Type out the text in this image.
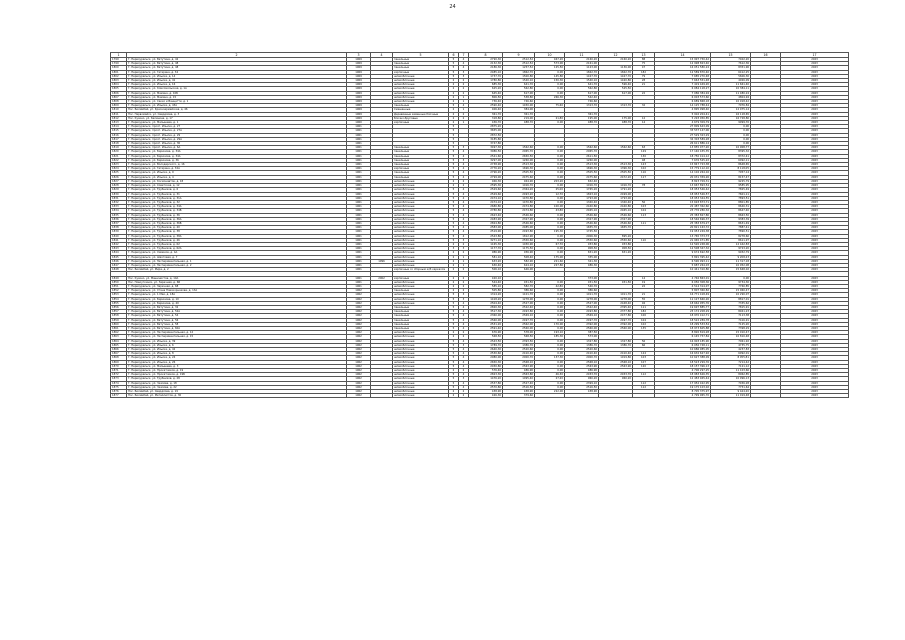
24
1	2	3	4	5	6	7	8	9	10	11	12	13	14	15	16	17
1799	Г. Первоуральск, ул. Ватутина, д. 42	1969		панельные	5	4	2790,30	2512,52	467,20	2160,20	2160,20	88	15 997 750,42	7402,20		2023
1799	Г. Первоуральск, ул. Ватутина, д. 48	1969		панельные	5	4	2132,30	2512,52	573,00	2161,00		75	12 998 823,40	7612,36		2023
1800	Г. Первоуральск, ул. Ватутина, д. 48	1969		панельные	5	4	2186,30	1257,52	125,50	1123,00	1136,00	47	16 051 580,24	8351,96		2023
1801	Г. Первоуральск, ул. Гагарина, д. 34	1969		кирпичные	5	3	2485,10	1862,70	0,00	1842,70	1842,70	182	12 589 870,40	6412,25		2023
1802	Г. Первоуральск, ул. Ильича, д. 14	1969		шлакоблочные	5	3	1737,70	1500,80	145,80	1427,70	1427,70	79	7 685 270,48	5606,30		2023
1803	Г. Первоуральск, ул. Ильича, д. 41	1969		шлакоблочные	2	2	1780,80	1540,10	150,30	1540,10	1420,80	28	7 663 551,48	4926,09		2023
1804	Г. Первоуральск, ул. Ильича, д. 16	1969		шлакоблочные	2	2	685,30	641,70	0,00	641,70	596,40	21	7 419 449,20	11 661,40		2023
1805	Г. Первоуральск, ул. Комсомольская, д. 1А	1969		шлакоблочные	2	2	625,20	562,80	0,00	562,80	525,50		6 084 118,27	10 384,11		2023
1806	Г. Первоуральск, ул. Мамина, д. 10Б	1969		шлакоблочные	2	2	645,40	617,00	0,00	617,00	617,00	22	7 086 384,94	11 480,24		2023
1807	Г. Первоуральск, ул. Мамина, д. 15	1969		шлакоблочные	2	1	806,50	538,80	266,30	542,40			6 003 573,60	4804,94		2023
1808	Г. Первоуральск, ул. Сакко и Ванцетти, д. 1	1969		шлакоблочные	2	1	736,40	746,60		746,60			6 689 868,18	10 918,42		2023
1809	Г. Первоуральск, ул. Ильича, д. 43А	1969		панельные	5	4	2590,40	1450,00	75,60	1313,70	1313,70	32	14 125 788,44	7976,84		2023
1810	Пос. Билимбай, ул. Красноармейская, д. 46	1969		Смешанные	2	1	406,40	384,00					4 895 998,40	12 075,14		2023
1811	Пос. Первомайск, ул. Свердлова, д. 3	1969		Деревянные каменные блочные	2	2	361,70	361,70		361,70			5 916 204,41	16 118,65		2023
1812	Пос. Кузино, ул. Калинина, д. 17	1969		Блочно-брусовые	2	2	318,80	219,00	21,80	195,00	175,00	12	5 293 050,85	16 728,80		2023
1813	Г. Первоуральск, ул. Малышева, д. 1	1960		кирпичные	2	1	436,70	488,70	0,00	488,70	488,70	14	4 679 309,79	9999,70		2023
1814	Г. Первоуральск, просп. Ильича, д. 27	1961			5		2875,20						27 809 643,09	0,00		2023
1815	Г. Первоуральск, просп. Ильича, д. 27А	1961			5		3655,00						33 537 147,06	0,00		2023
1816	Г. Первоуральск, просп. Ильича, д. 29	1961			5		2872,50						27 529 323,29	0,00		2023
1817	Г. Первоуральск, просп. Ильича, д. 29А	1961			5		3185,80						34 303 589,28	0,00		2023
1818	Г. Первоуральск, просп. Ильича, д. 30	1961			5		3747,80						26 611 886,14	0,00		2023
1819	Г. Первоуральск, просп. Ильича, д. 6А	1961		панельные	5	3	3497,30	1562,60	0,00	1562,60	1562,60	63	13 855 077,20	10 908,77		2023
1820	Г. Первоуральск, ул. Бирюзова, д. 34А	1961		панельные	5	4	3086,50	2065,70	0,00	2065,70		129	17 140 435,35	8395,32		2023
1821	Г. Первоуральск, ул. Бирюзова, д. 34А	1961		панельные	5	4	2541,60	2650,50	0,00	2611,50		130	18 750 414,12	8372,41		2023
1822	Г. Первоуральск, ул. Бирюзова, д. 36	1961		панельные	5	3	3297,00	1260,00	0,00	1260,00		48	7 676 525,22	6092,11		2023
1823	Г. Первоуральск, ул. Володарского, д. 16	1961		панельные	5	4	2738,90	2513,30	0,00	2513,30	2513,30	123	15 847 723,38	8648,65		2023
1824	Г. Первоуральск, ул. Гагарина, д. 32А	1961		кирпичные	5	4	2776,20	1696,30	0,00	1696,30	1396,30	102	15 779 112,10	8 118,05		2023
1825	Г. Первоуральск, ул. Ильича, д. 9	1961		панельные	5	4	2796,20	2505,50	0,00	2505,50	2505,50	116	14 102 264,16	7957,14		2023
1826	Г. Первоуральск, ул. Ильича, д. 4	1961		панельные	5	4	2799,00	2475,60	0,00	2475,60	2472,20	117	20 031 359,26	8157,47		2023
1827	Г. Первоуральск, ул. Космонавтов, д. 18	1961		шлакоблочные	2	2	946,30	944,90	203,20	652,40			8 823 709,31	9225,79		2023
1828	Г. Первоуральск, ул. Советская, д. 12	1961		шлакоблочные	2	2	2595,30	1016,70	0,00	1016,70	1016,70	78	13 667 893,54	9585,95		2023
1829	Г. Первоуральск, ул. Трубников, д. 6	1961		шлакоблочные	5	4	2529,60	2364,20	25,00	1765,20	1791,20		18 953 546,42	7825,49		2023
1830	Г. Первоуральск, ул. Трубников, д. 31	1961		шлакоблочные	5	4	2529,60	2493,20	12,70	1823,10	2499,00		18 953 526,57	7601,11		2023
1831	Г. Первоуральск, ул. Трубников, д. 31А	1961		шлакоблочные	5	4	2474,10	1470,80	0,00	1793,00	1793,00		18 953 344,55	7893,51		2023
1832	Г. Первоуральск, ул. Трубников, д. 32	1961		шлакоблочные	5	4	2474,10	1470,80	0,00	1340,40	1340,40	56	15 693 873,71	8801,85		2023
1833	Г. Первоуральск, ул. Трубников, д. 34А	1961		шлакоблочные	5	4	2680,80	2474,80	100,00	2440,80	2440,80	103	22 487 362,60	8640,31		2023
1834	Г. Первоуральск, ул. Трубников, д. 34Б	1961		шлакоблочные	5	4	2780,80	2474,80	43,80	2465,10	2465,10	104	23 776 280,32	8647,40		2023
1835	Г. Первоуральск, ул. Трубников, д. 36	1961		шлакоблочные	5	4	2623,40	2546,60	0,00	2546,60	2546,60	113	25 383 827,80	8663,50		2023
1836	Г. Первоуральск, ул. Трубников, д. 36А	1961		шлакоблочные	5	4	2483,90	2327,90	0,00	2327,90	2327,90		18 546 696,37	9383,39		2023
1837	Г. Первоуральск, ул. Трубников, д. 36Б	1961		шлакоблочные	5	4	2824,80	2546,60	0,00	2546,60	2546,60	111	25 383 679,27	8631,49		2023
1838	Г. Первоуральск, ул. Трубников, д. 40	1961		шлакоблочные	5	4	2583,00	2485,00	0,00	1655,70	1655,70		20 821 163,72	7887,41		2023
1839	Г. Первоуральск, ул. Трубников, д. 38	1961		шлакоблочные	5	4	2519,90	2493,80	195,30	1745,50			19 953 249,38	7890,51		2023
1840	Г. Первоуральск, ул. Трубников, д. 38А	1961		шлакоблочные	5	4	2543,80	1812,90	0,00	2006,30	895,26		13 765 373,73	8278,60		2023
1841	Г. Первоуральск, ул. Трубников, д. 46	1961		шлакоблочные	5	3	3271,10	2550,60	0,00	2550,60	2550,60	110	21 965 471,85	8611,97		2023
1842	Г. Первоуральск, ул. Трубников, д. 62	1961		шлакоблочные	2	2	1165,30	1030,90	67,70	933,80	933,80		12 520 248,06	12 442,83		2023
1843	Г. Первоуральск, ул. Трубников, д. 62А	1961		шлакоблочные	3	3	1177,70	1175,50	0,00	908,50	908,50		12 508 347,32	9723,20		2023
1844	Г. Первоуральск, ул. Химиков, д. 4А	1961		шлакоблочные	2	2	986,90	936,90	0,00	651,20	651,20		9 674 692,58	9932,79		2023
1845	Г. Первоуральск, ул. Шахтовая, д. 7	1961		шлакоблочные	2	1	581,10	508,40	175,00	335,00			5 891 395,42	9 208,23		2023
1846	Г. Первоуральск, ул. Экспериментальная, д. 1	1961	1996	шлакоблочные	2	1	633,20	582,90	221,60	341,30			6 590 993,11	11 317,18		2023
1847	Г. Первоуральск, ул. Экспериментальная, д. 2	1961		шлакоблочные	2	1	630,40	624,10	227,80	486,30			5 687 264,03	10 952,08		2023
1848	Пос. Билимбай, ул. Мира, д. 2	1961		кирпичные со сборным ж/б каркасом	2	2	506,10	646,00					10 441 310,80	15 668,02		2023

1849	Пос. Кузино, ул. Машинистов, д. 10А	1961	2002	кирпичные	2	2	420,10			373,00		14	4 746 863,01	0,00		2023
1850	Пос. Новоуткинск, ул. Заречная, д. 6Б	1961		шлакоблочные	2	2	544,40	451,50	0,00	451,50	451,50	19	6 050 308,36	9734,30		2023
1851	Г. Первоуральск, ул. Заречная, д. 68	1961		шлакоблочные	2	2	585,10	582,70	42,80	540,70		22	4 514 314,07	7760,85		2023
1852	Г. Первоуральск, ул. Стана Новокорнакова, д. 13А	1962		панельные	2	2	505,80	386,60	0,00	386,60			5 807 360,82	15 060,47		2023
1853	Г. Первоуральск, ул. 1 Мая, д. 18А	1962		шлакоблочные	5	3	1314,20	1101,70	0,00	1011,70	1011,70	21	16 771 418,49	10 290,07		2023
1854	Г. Первоуральск, ул. Бирюзова, д. 10	1962		шлакоблочные	5	3	1418,20	1278,00	0,00	1278,00	1278,00	55	11 127 660,26	8817,01		2023
1855	Г. Первоуральск, ул. Бирюзова, д. 40	1962		шлакоблочные	5	4	2504,40	2527,00	0,00	2527,00	2448,40	94	18 662 955,76	7335,62		2023
1856	Г. Первоуральск, ул. Ватутина, д. 32	1962		панельные	5	4	2820,30	2522,40	0,00	2522,40	2395,40	111	19 697 885,77	7815,91		2023
1857	Г. Первоуральск, ул. Ватутина, д. 52А	1962		панельные	5	4	3517,30	2493,80	0,00	2493,80	2377,80	182	23 172 208,29	8941,23		2023
1858	Г. Первоуральск, ул. Ватутина, д. 54	1962		панельные	5	4	2360,00	2569,10	0,00	2569,10	2477,80	100	18 970 412,71	7113,38		2023
1859	Г. Первоуральск, ул. Ватутина, д. 56	1962		панельные	5	4	2560,00	2497,70	0,00	2497,70	2497,70	104	18 522 289,78	7416,91		2023
1860	Г. Первоуральск, ул. Ватутина, д. 58	1962		панельные	5	4	2531,20	2562,00	170,00	2392,00	2392,00	102	18 299 533,54	7125,20		2023
1861	Г. Первоуральск, ул. Ватутина, д. 60А	1962		панельные	5	4	2591,40	2560,00	0,00	2560,00	2560,00	135	18 973 605,88	7398,29		2023
1862	Г. Первоуральск, ул. Экспериментальная, д. 12	1962		шлакоблочные	2	2	676,90	578,00	193,10	387,50			8 820 819,28	15 010,47		2023
1863	Г. Первоуральск, ул. Экспериментальная, д. 15	1962		шлакоблочные	2	2	568,50	568,50	185,30	573,00			6 145 757,84	10 810,48		2023
1864	Г. Первоуральск, ул. Ильича, д. 39	1962		шлакоблочные	5	4	2543,50	2393,50	0,00	1327,80	1327,80	56	16 903 185,90	7061,92		2023
1865	Г. Первоуральск, ул. Ильича, д. 6	1962		шлакоблочные	5	3	1789,70	1386,70	0,00	1386,70	1386,70	66	6 056 748,11	4735,75		2023
1866	Г. Первоуральск, ул. Ильича, д. 42	1962		шлакоблочные	5	4	2640,30	2520,60	0,00	2520,60			10 686 985,05	4237,83		2023
1867	Г. Первоуральск, ул. Ильича, д. 8	1962		шлакоблочные	5	4	2530,60	2410,40	0,00	2410,40	2410,40	124	16 632 627,92	6992,01		2023
1868	Г. Первоуральск, ул. Ильича, д. 24	1962		шлакоблочные	5	4	2080,00	2000,70	137,30	2000,70	1919,80	103	10 627 388,09	8 055,81		2023
1869	Г. Первоуральск, ул. Ильича, д. 26	1962		шлакоблочные	5	4	2650,30	2568,10	0,00	2568,10	2568,10	107	18 523 299,76	7214,42		2023
1870	Г. Первоуральск, ул. Малышева, д. 3	1962		шлакоблочные	5	4	2030,80	2563,90	0,00	2563,90	2563,90	120	18 157 396,13	7121,12		2023
1871	Г. Первоуральск, ул. Прокатчиков, д. 19	1962		шлакоблочные	2	2	576,40	486,90	0,00	486,90			4 706 297,25	11 103,66		2023
1872	Г. Первоуральск, ул. Прокатчиков, д. 19Б	1962		шлакоблочные	5	4	2823,30	2563,80	46,30	2453,70	2453,70	112	18 983 626,35	8062,85		2023
1873	Г. Первоуральск, ул. Трубников, д. 28	1962		шлакоблочные	5	3	1476,20	1095,40	27,20	960,20	960,20		12 483 945,44	10 996,13		2023
1874	Г. Первоуральск, ул. Чкалова, д. 18	1962		шлакоблочные	5	4	2537,80	2527,40	0,00	2399,10		112	17 952 422,95	7456,28		2023
1875	Г. Первоуральск, ул. Чкалова, д. 22	1962		шлакоблочные	5	4	2570,80	2516,50	0,00	2516,50		112	19 175 103,02	7751,64		2023
1876	Пос. Билимбай, ул. Свердлова, д. 19	1962		шлакоблочные	2	2	438,90	438,90	222,00	438,90			8 705 375,97	9 444,20		2023
1877	Пос. Билимбай, ул. Металлистов, д. 30	1962		шлакоблочные	2	2	426,30	379,60					4 799 965,70	11 019,48		2023
